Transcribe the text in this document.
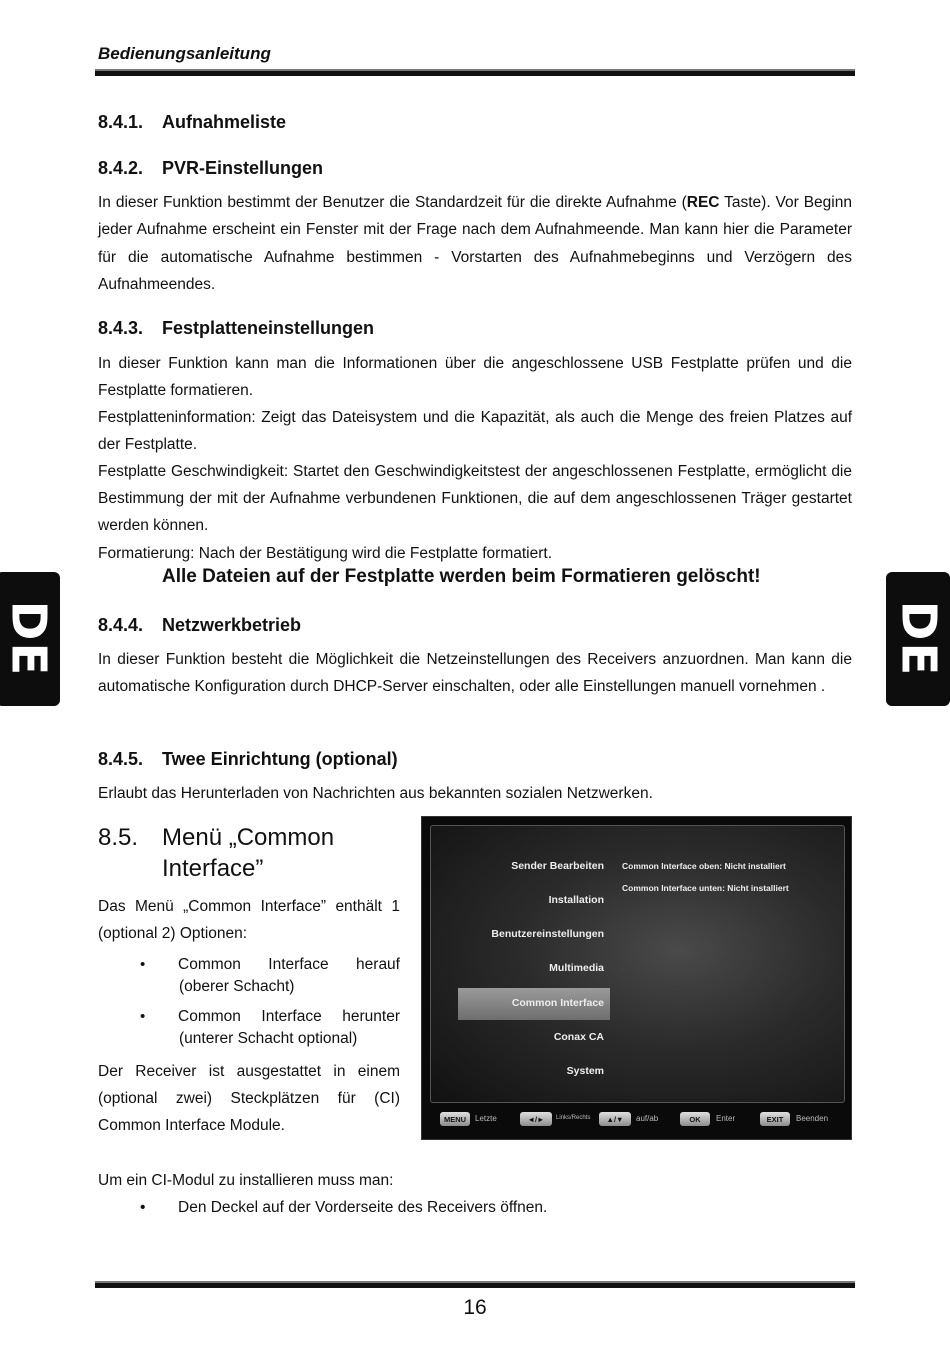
Bedienungsanleitung
DE	DE
8.4.1.	Aufnahmeliste
8.4.2.	PVR-Einstellungen
In dieser Funktion bestimmt der Benutzer die Standardzeit für die direkte Aufnahme (REC Taste). Vor Beginn jeder Aufnahme erscheint ein Fenster mit der Frage nach dem Aufnahmeende. Man kann hier die Parameter für die automatische Aufnahme bestimmen - Vorstarten des Aufnahmebeginns und Verzögern des Aufnahmeendes.
8.4.3.	Festplatteneinstellungen
In dieser Funktion kann man die Informationen über die angeschlossene USB Festplatte prüfen und die Festplatte formatieren.
Festplatteninformation: Zeigt das Dateisystem und die Kapazität, als auch die Menge des freien Platzes auf der Festplatte.
Festplatte Geschwindigkeit: Startet den Geschwindigkeitstest der angeschlossenen Festplatte, ermöglicht die Bestimmung der mit der Aufnahme verbundenen Funktionen, die auf dem angeschlossenen Träger gestartet werden können.
Formatierung: Nach der Bestätigung wird die Festplatte formatiert.
Alle Dateien auf der Festplatte werden beim Formatieren gelöscht!
8.4.4.	Netzwerkbetrieb
In dieser Funktion besteht die Möglichkeit die Netzeinstellungen des Receivers anzuordnen. Man kann die automatische Konfiguration durch DHCP-Server einschalten, oder alle Einstellungen manuell vornehmen .
8.4.5.	Twee Einrichtung (optional)
Erlaubt das Herunterladen von Nachrichten aus bekannten sozialen Netzwerken.
8.5. Menü „Common Interface”
Das Menü „Common Interface” enthält 1 (optional 2) Optionen:
• Common Interface herauf
(oberer Schacht)
• Common Interface herunter
(unterer Schacht optional)
Der Receiver ist ausgestattet in einem (optional zwei) Steckplätzen für (CI) Common Interface Module.
Um ein CI-Modul zu installieren muss man:
• Den Deckel auf der Vorderseite des Receivers öffnen.
Sender Bearbeiten
Installation
Benutzereinstellungen
Multimedia
Common Interface
Conax CA
System
Common Interface oben: Nicht installiert
Common Interface unten: Nicht installiert
MENU	Letzte	◄/►	Links/Rechts	▲/▼	auf/ab	OK	Enter	EXIT	Beenden
16
